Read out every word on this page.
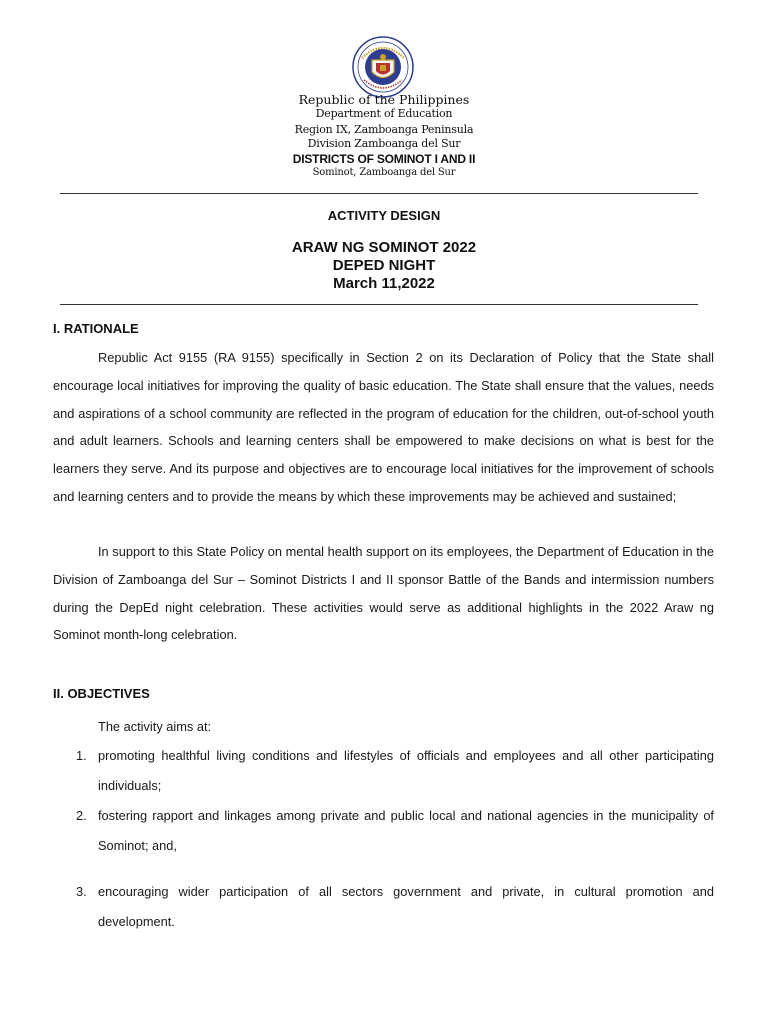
Republic of the Philippines
Department of Education
Region IX, Zamboanga Peninsula
Division Zamboanga del Sur
DISTRICTS OF SOMINOT I AND II
Sominot, Zamboanga del Sur
ACTIVITY DESIGN
ARAW NG SOMINOT 2022
DEPED NIGHT
March 11,2022
I. RATIONALE

Republic Act 9155 (RA 9155) specifically in Section 2 on its Declaration of Policy that the State shall encourage local initiatives for improving the quality of basic education. The State shall ensure that the values, needs and aspirations of a school community are reflected in the program of education for the children, out-of-school youth and adult learners. Schools and learning centers shall be empowered to make decisions on what is best for the learners they serve. And its purpose and objectives are to encourage local initiatives for the improvement of schools and learning centers and to provide the means by which these improvements may be achieved and sustained;

In support to this State Policy on mental health support on its employees, the Department of Education in the Division of Zamboanga del Sur – Sominot Districts I and II sponsor Battle of the Bands and intermission numbers during the DepEd night celebration. These activities would serve as additional highlights in the 2022 Araw ng Sominot month-long celebration.

II. OBJECTIVES
The activity aims at:
1. promoting healthful living conditions and lifestyles of officials and employees and all other participating individuals;

2. fostering rapport and linkages among private and public local and national agencies in the municipality of Sominot; and,

3. encouraging wider participation of all sectors government and private, in cultural promotion and development.
